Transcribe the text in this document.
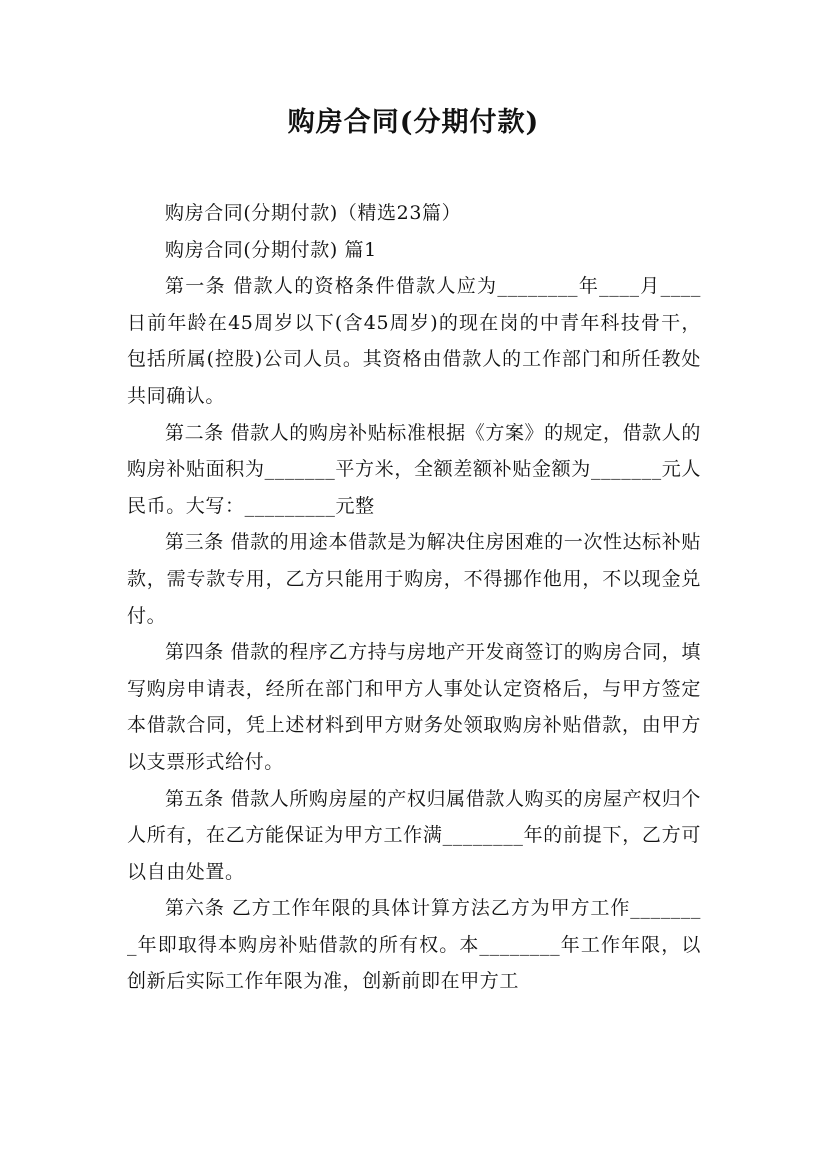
购房合同(分期付款)

购房合同(分期付款)（精选23篇）

购房合同(分期付款) 篇1

第一条 借款人的资格条件借款人应为________年____月____日前年龄在45周岁以下(含45周岁)的现在岗的中青年科技骨干，包括所属(控股)公司人员。其资格由借款人的工作部门和所任教处共同确认。

第二条 借款人的购房补贴标准根据《方案》的规定，借款人的购房补贴面积为_______平方米，全额差额补贴金额为_______元人民币。大写：_________元整

第三条 借款的用途本借款是为解决住房困难的一次性达标补贴款，需专款专用，乙方只能用于购房，不得挪作他用，不以现金兑付。

第四条 借款的程序乙方持与房地产开发商签订的购房合同，填写购房申请表，经所在部门和甲方人事处认定资格后，与甲方签定本借款合同，凭上述材料到甲方财务处领取购房补贴借款，由甲方以支票形式给付。

第五条 借款人所购房屋的产权归属借款人购买的房屋产权归个人所有，在乙方能保证为甲方工作满________年的前提下，乙方可以自由处置。

第六条 乙方工作年限的具体计算方法乙方为甲方工作________年即取得本购房补贴借款的所有权。本________年工作年限，以创新后实际工作年限为准，创新前即在甲方工
